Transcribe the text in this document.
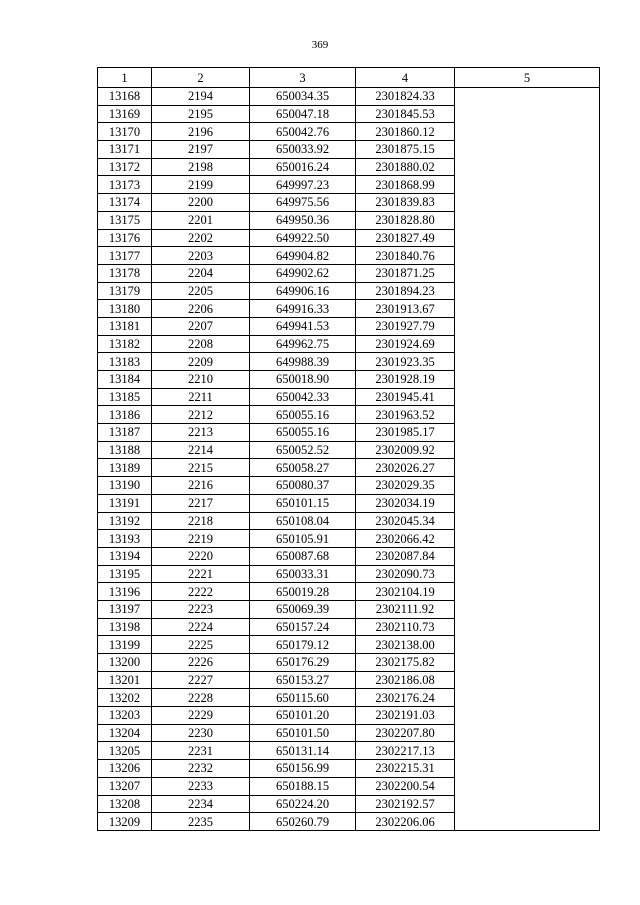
369
1	2	3	4	5
13168	2194	650034.35	2301824.33	
13169	2195	650047.18	2301845.53	
13170	2196	650042.76	2301860.12	
13171	2197	650033.92	2301875.15	
13172	2198	650016.24	2301880.02	
13173	2199	649997.23	2301868.99	
13174	2200	649975.56	2301839.83	
13175	2201	649950.36	2301828.80	
13176	2202	649922.50	2301827.49	
13177	2203	649904.82	2301840.76	
13178	2204	649902.62	2301871.25	
13179	2205	649906.16	2301894.23	
13180	2206	649916.33	2301913.67	
13181	2207	649941.53	2301927.79	
13182	2208	649962.75	2301924.69	
13183	2209	649988.39	2301923.35	
13184	2210	650018.90	2301928.19	
13185	2211	650042.33	2301945.41	
13186	2212	650055.16	2301963.52	
13187	2213	650055.16	2301985.17	
13188	2214	650052.52	2302009.92	
13189	2215	650058.27	2302026.27	
13190	2216	650080.37	2302029.35	
13191	2217	650101.15	2302034.19	
13192	2218	650108.04	2302045.34	
13193	2219	650105.91	2302066.42	
13194	2220	650087.68	2302087.84	
13195	2221	650033.31	2302090.73	
13196	2222	650019.28	2302104.19	
13197	2223	650069.39	2302111.92	
13198	2224	650157.24	2302110.73	
13199	2225	650179.12	2302138.00	
13200	2226	650176.29	2302175.82	
13201	2227	650153.27	2302186.08	
13202	2228	650115.60	2302176.24	
13203	2229	650101.20	2302191.03	
13204	2230	650101.50	2302207.80	
13205	2231	650131.14	2302217.13	
13206	2232	650156.99	2302215.31	
13207	2233	650188.15	2302200.54	
13208	2234	650224.20	2302192.57	
13209	2235	650260.79	2302206.06	
